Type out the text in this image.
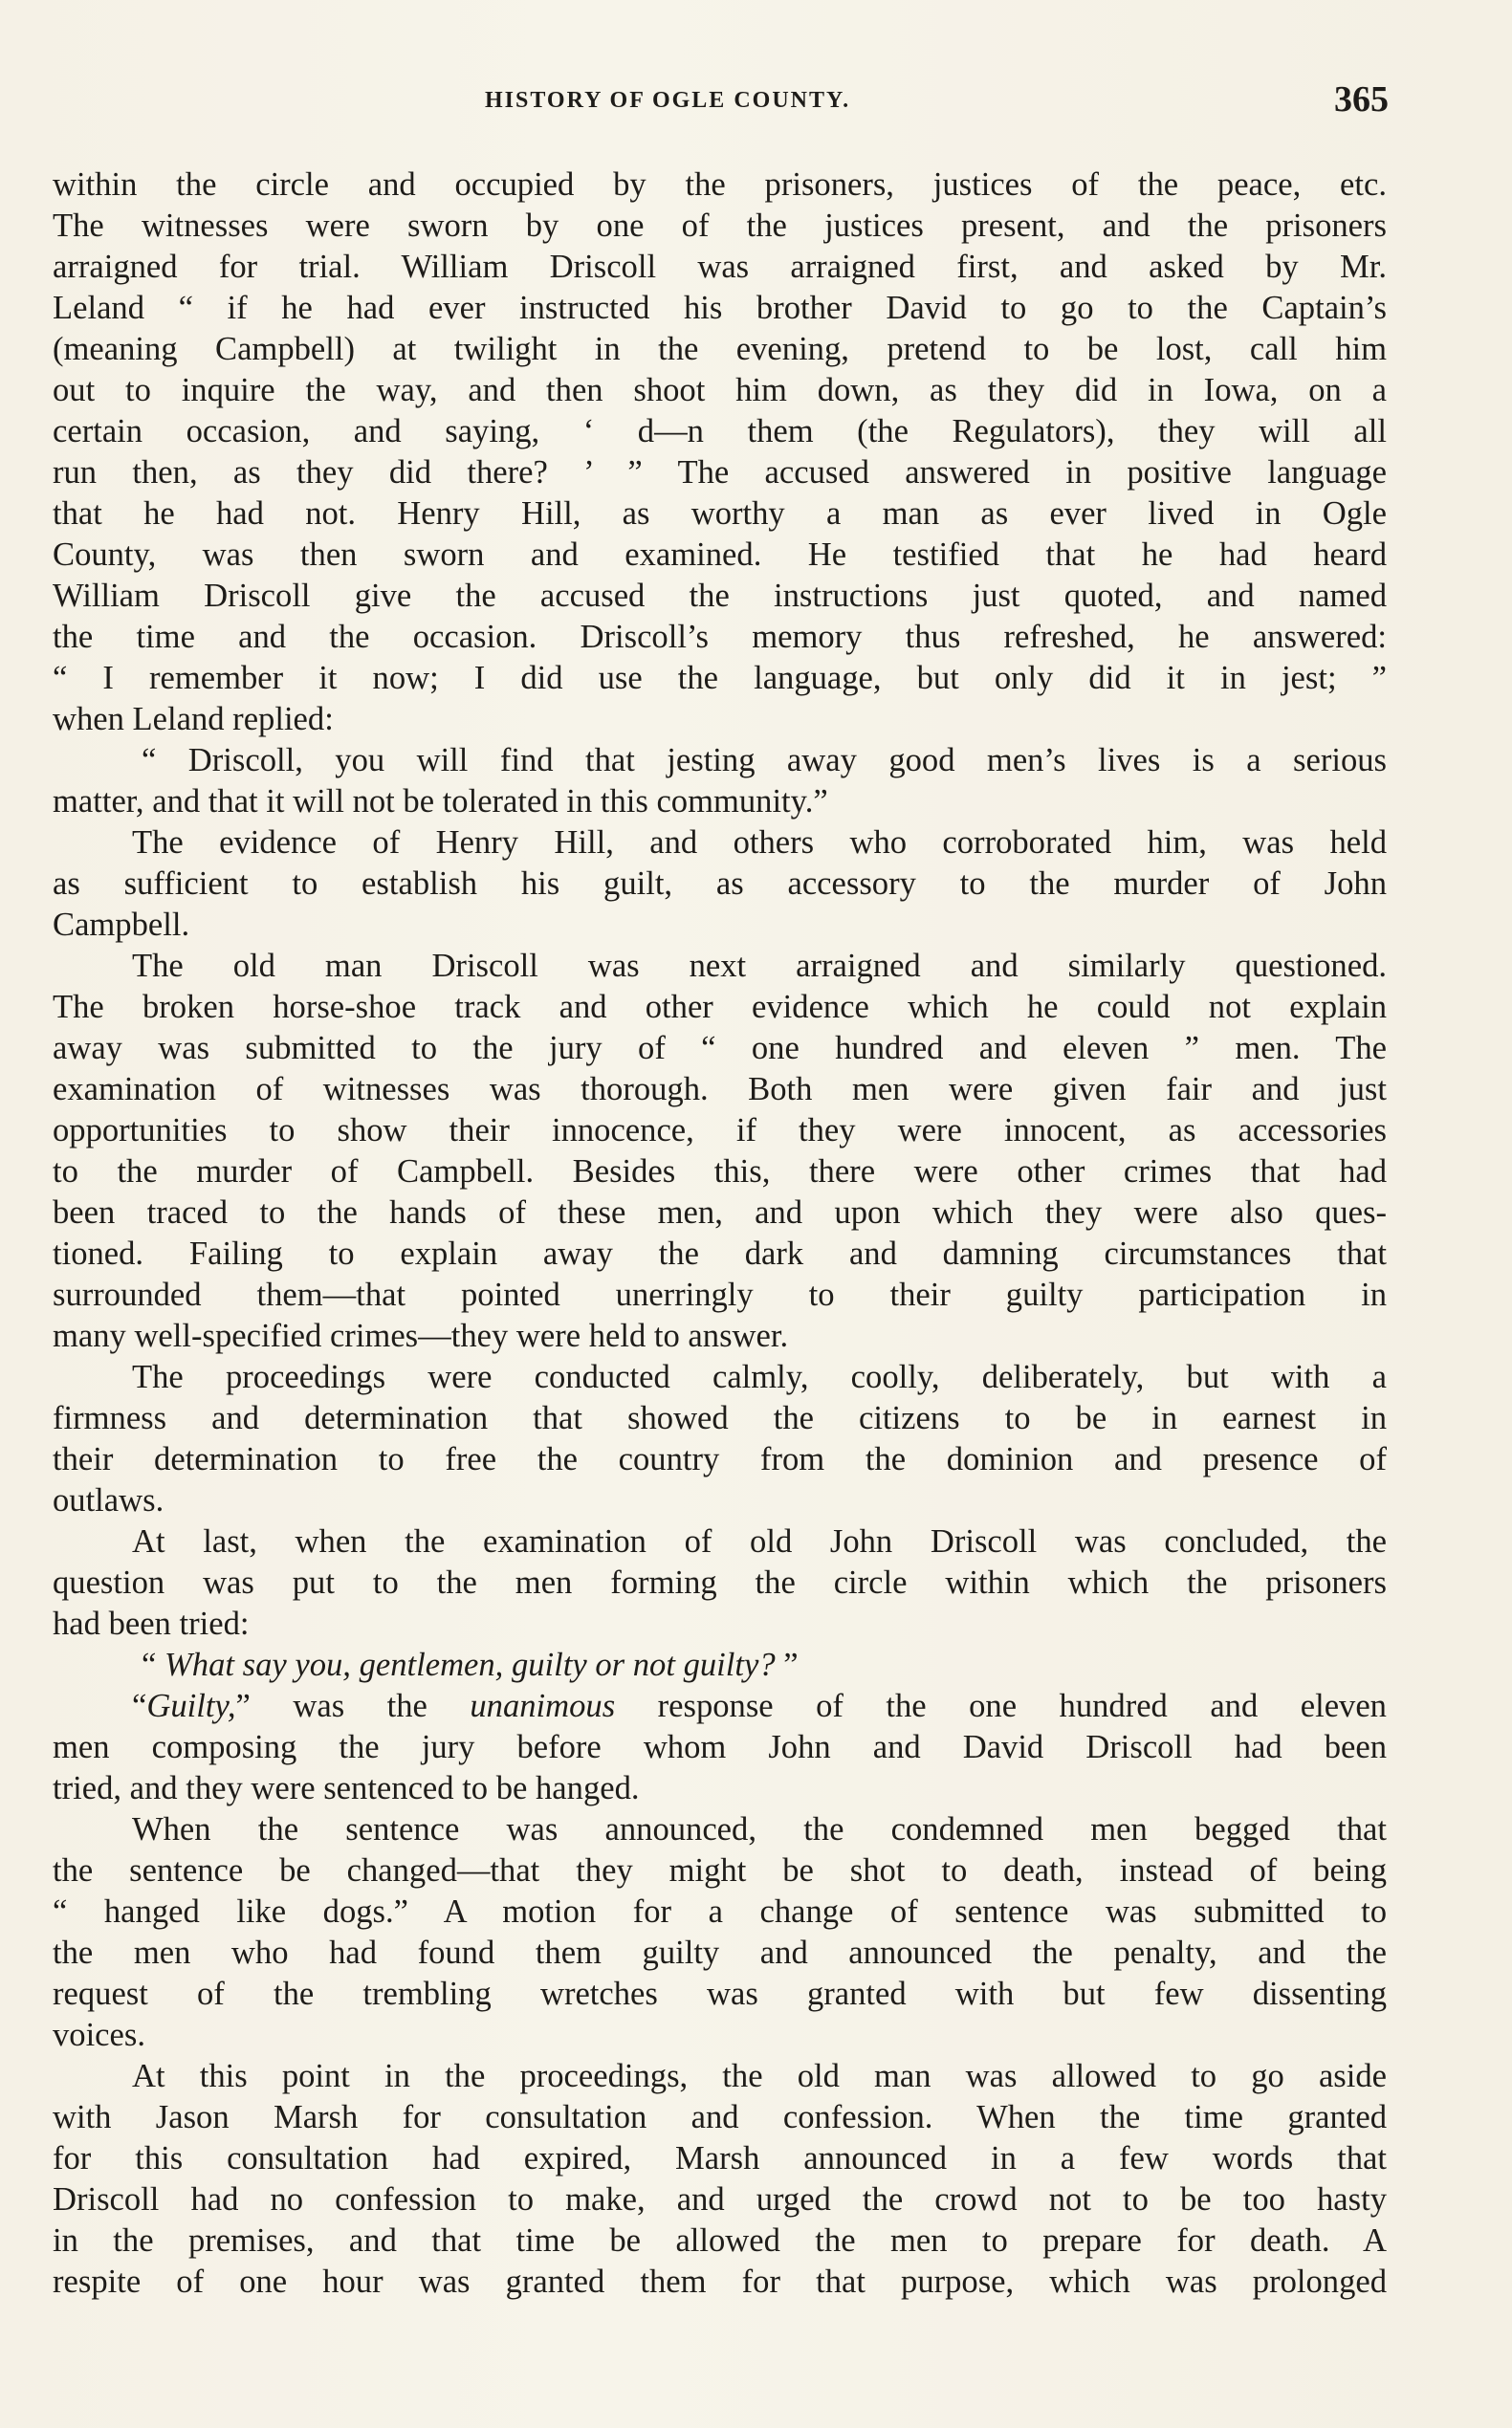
HISTORY OF OGLE COUNTY.	365
within the circle and occupied by the prisoners, justices of the peace, etc.
The witnesses were sworn by one of the justices present, and the prisoners
arraigned for trial. William Driscoll was arraigned first, and asked by Mr.
Leland “ if he had ever instructed his brother David to go to the Captain’s
(meaning Campbell) at twilight in the evening, pretend to be lost, call him
out to inquire the way, and then shoot him down, as they did in Iowa, on a
certain occasion, and saying, ‘ d—n them (the Regulators), they will all
run then, as they did there? ’ ” The accused answered in positive language
that he had not. Henry Hill, as worthy a man as ever lived in Ogle
County, was then sworn and examined. He testified that he had heard
William Driscoll give the accused the instructions just quoted, and named
the time and the occasion. Driscoll’s memory thus refreshed, he answered:
“ I remember it now; I did use the language, but only did it in jest; ”
when Leland replied:
“ Driscoll, you will find that jesting away good men’s lives is a serious
matter, and that it will not be tolerated in this community.”
The evidence of Henry Hill, and others who corroborated him, was held
as sufficient to establish his guilt, as accessory to the murder of John
Campbell.
The old man Driscoll was next arraigned and similarly questioned.
The broken horse-shoe track and other evidence which he could not explain
away was submitted to the jury of “ one hundred and eleven ” men. The
examination of witnesses was thorough. Both men were given fair and just
opportunities to show their innocence, if they were innocent, as accessories
to the murder of Campbell. Besides this, there were other crimes that had
been traced to the hands of these men, and upon which they were also ques-
tioned. Failing to explain away the dark and damning circumstances that
surrounded them—that pointed unerringly to their guilty participation in
many well-specified crimes—they were held to answer.
The proceedings were conducted calmly, coolly, deliberately, but with a
firmness and determination that showed the citizens to be in earnest in
their determination to free the country from the dominion and presence of
outlaws.
At last, when the examination of old John Driscoll was concluded, the
question was put to the men forming the circle within which the prisoners
had been tried:
“ What say you, gentlemen, guilty or not guilty? ”
“Guilty,” was the unanimous response of the one hundred and eleven
men composing the jury before whom John and David Driscoll had been
tried, and they were sentenced to be hanged.
When the sentence was announced, the condemned men begged that
the sentence be changed—that they might be shot to death, instead of being
“ hanged like dogs.” A motion for a change of sentence was submitted to
the men who had found them guilty and announced the penalty, and the
request of the trembling wretches was granted with but few dissenting
voices.
At this point in the proceedings, the old man was allowed to go aside
with Jason Marsh for consultation and confession. When the time granted
for this consultation had expired, Marsh announced in a few words that
Driscoll had no confession to make, and urged the crowd not to be too hasty
in the premises, and that time be allowed the men to prepare for death. A
respite of one hour was granted them for that purpose, which was prolonged
